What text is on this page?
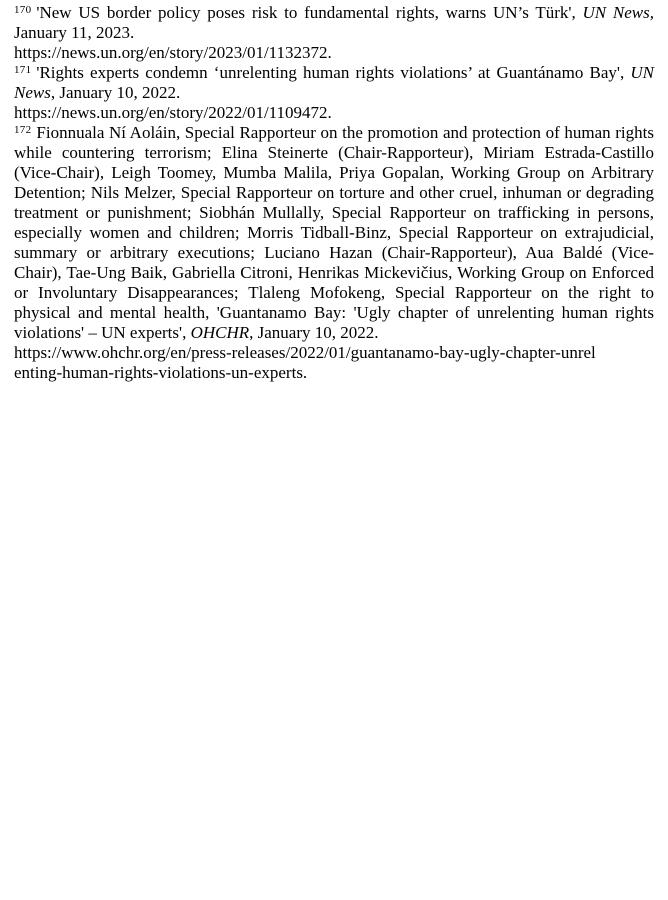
$^{170}$ 'New US border policy poses risk to fundamental rights, warns UN’s Türk', UN News, January 11, 2023.

https://news.un.org/en/story/2023/01/1132372.

$^{171}$ 'Rights experts condemn ‘unrelenting human rights violations’ at Guantánamo Bay', UN News, January 10, 2022.

https://news.un.org/en/story/2022/01/1109472.

$^{172}$ Fionnuala Ní Aoláin, Special Rapporteur on the promotion and protection of human rights while countering terrorism; Elina Steinerte (Chair-Rapporteur), Miriam Estrada-Castillo (Vice-Chair), Leigh Toomey, Mumba Malila, Priya Gopalan, Working Group on Arbitrary Detention; Nils Melzer, Special Rapporteur on torture and other cruel, inhuman or degrading treatment or punishment; Siobhán Mullally, Special Rapporteur on trafficking in persons, especially women and children; Morris Tidball-Binz, Special Rapporteur on extrajudicial, summary or arbitrary executions; Luciano Hazan (Chair-Rapporteur), Aua Baldé (Vice-Chair), Tae-Ung Baik, Gabriella Citroni, Henrikas Mickevičius, Working Group on Enforced or Involuntary Disappearances; Tlaleng Mofokeng, Special Rapporteur on the right to physical and mental health, 'Guantanamo Bay: 'Ugly chapter of unrelenting human rights violations' – UN experts', OHCHR, January 10, 2022.

https://www.ohchr.org/en/press-releases/2022/01/guantanamo-bay-ugly-chapter-unrel
enting-human-rights-violations-un-experts.
